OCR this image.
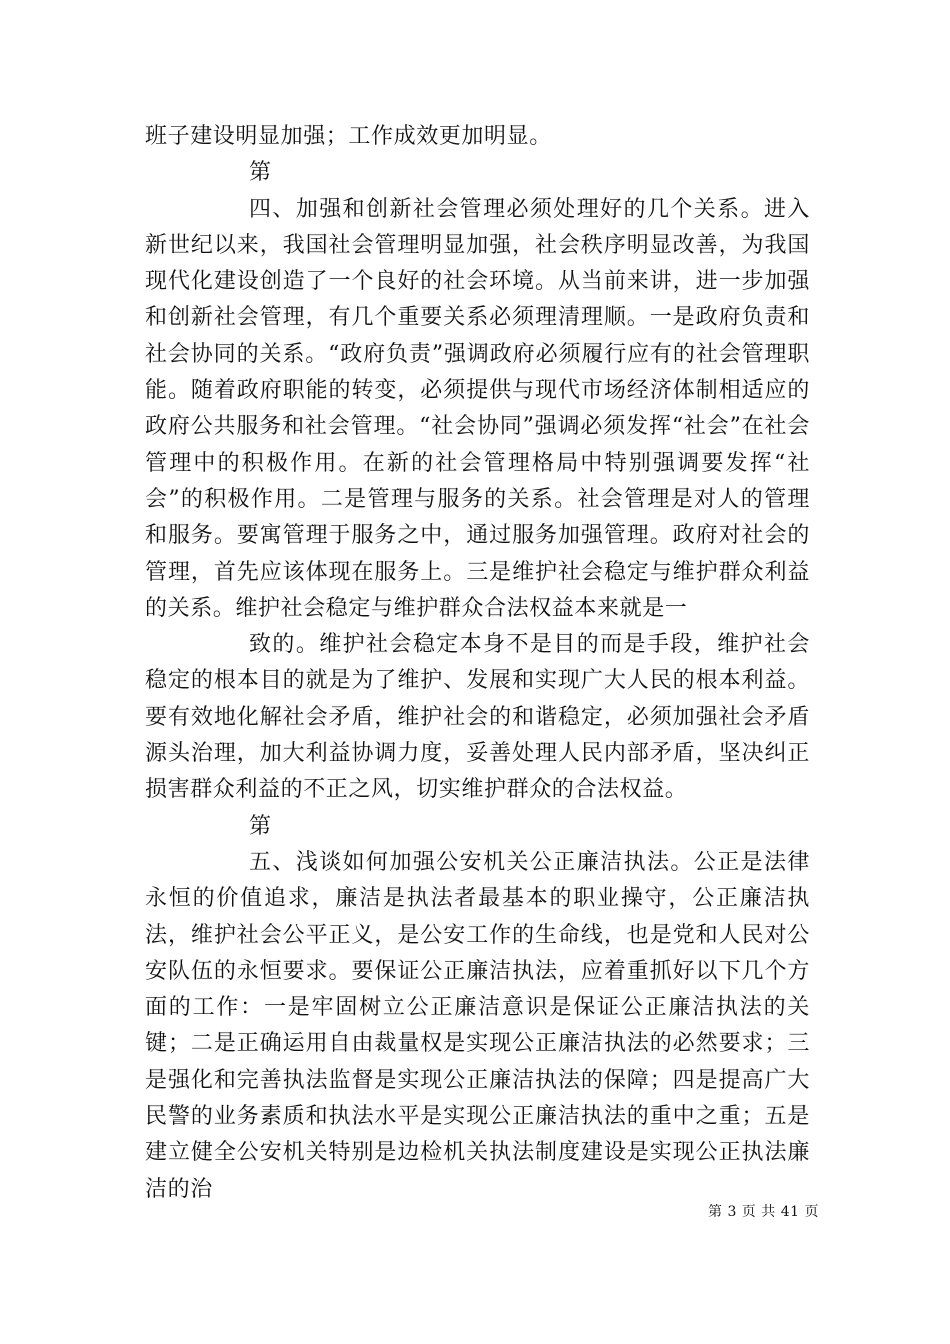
班子建设明显加强；工作成效更加明显。

第

四、加强和创新社会管理必须处理好的几个关系。进入新世纪以来，我国社会管理明显加强，社会秩序明显改善，为我国现代化建设创造了一个良好的社会环境。从当前来讲，进一步加强和创新社会管理，有几个重要关系必须理清理顺。一是政府负责和社会协同的关系。“政府负责”强调政府必须履行应有的社会管理职能。随着政府职能的转变，必须提供与现代市场经济体制相适应的政府公共服务和社会管理。“社会协同”强调必须发挥“社会”在社会管理中的积极作用。在新的社会管理格局中特别强调要发挥“社会”的积极作用。二是管理与服务的关系。社会管理是对人的管理和服务。要寓管理于服务之中，通过服务加强管理。政府对社会的管理，首先应该体现在服务上。三是维护社会稳定与维护群众利益的关系。维护社会稳定与维护群众合法权益本来就是一

致的。维护社会稳定本身不是目的而是手段，维护社会稳定的根本目的就是为了维护、发展和实现广大人民的根本利益。要有效地化解社会矛盾，维护社会的和谐稳定，必须加强社会矛盾源头治理，加大利益协调力度，妥善处理人民内部矛盾，坚决纠正损害群众利益的不正之风，切实维护群众的合法权益。

第

五、浅谈如何加强公安机关公正廉洁执法。公正是法律永恒的价值追求，廉洁是执法者最基本的职业操守，公正廉洁执法，维护社会公平正义，是公安工作的生命线，也是党和人民对公安队伍的永恒要求。要保证公正廉洁执法，应着重抓好以下几个方面的工作：一是牢固树立公正廉洁意识是保证公正廉洁执法的关键；二是正确运用自由裁量权是实现公正廉洁执法的必然要求；三是强化和完善执法监督是实现公正廉洁执法的保障；四是提高广大民警的业务素质和执法水平是实现公正廉洁执法的重中之重；五是建立健全公安机关特别是边检机关执法制度建设是实现公正执法廉洁的治

第 3 页 共 41 页
